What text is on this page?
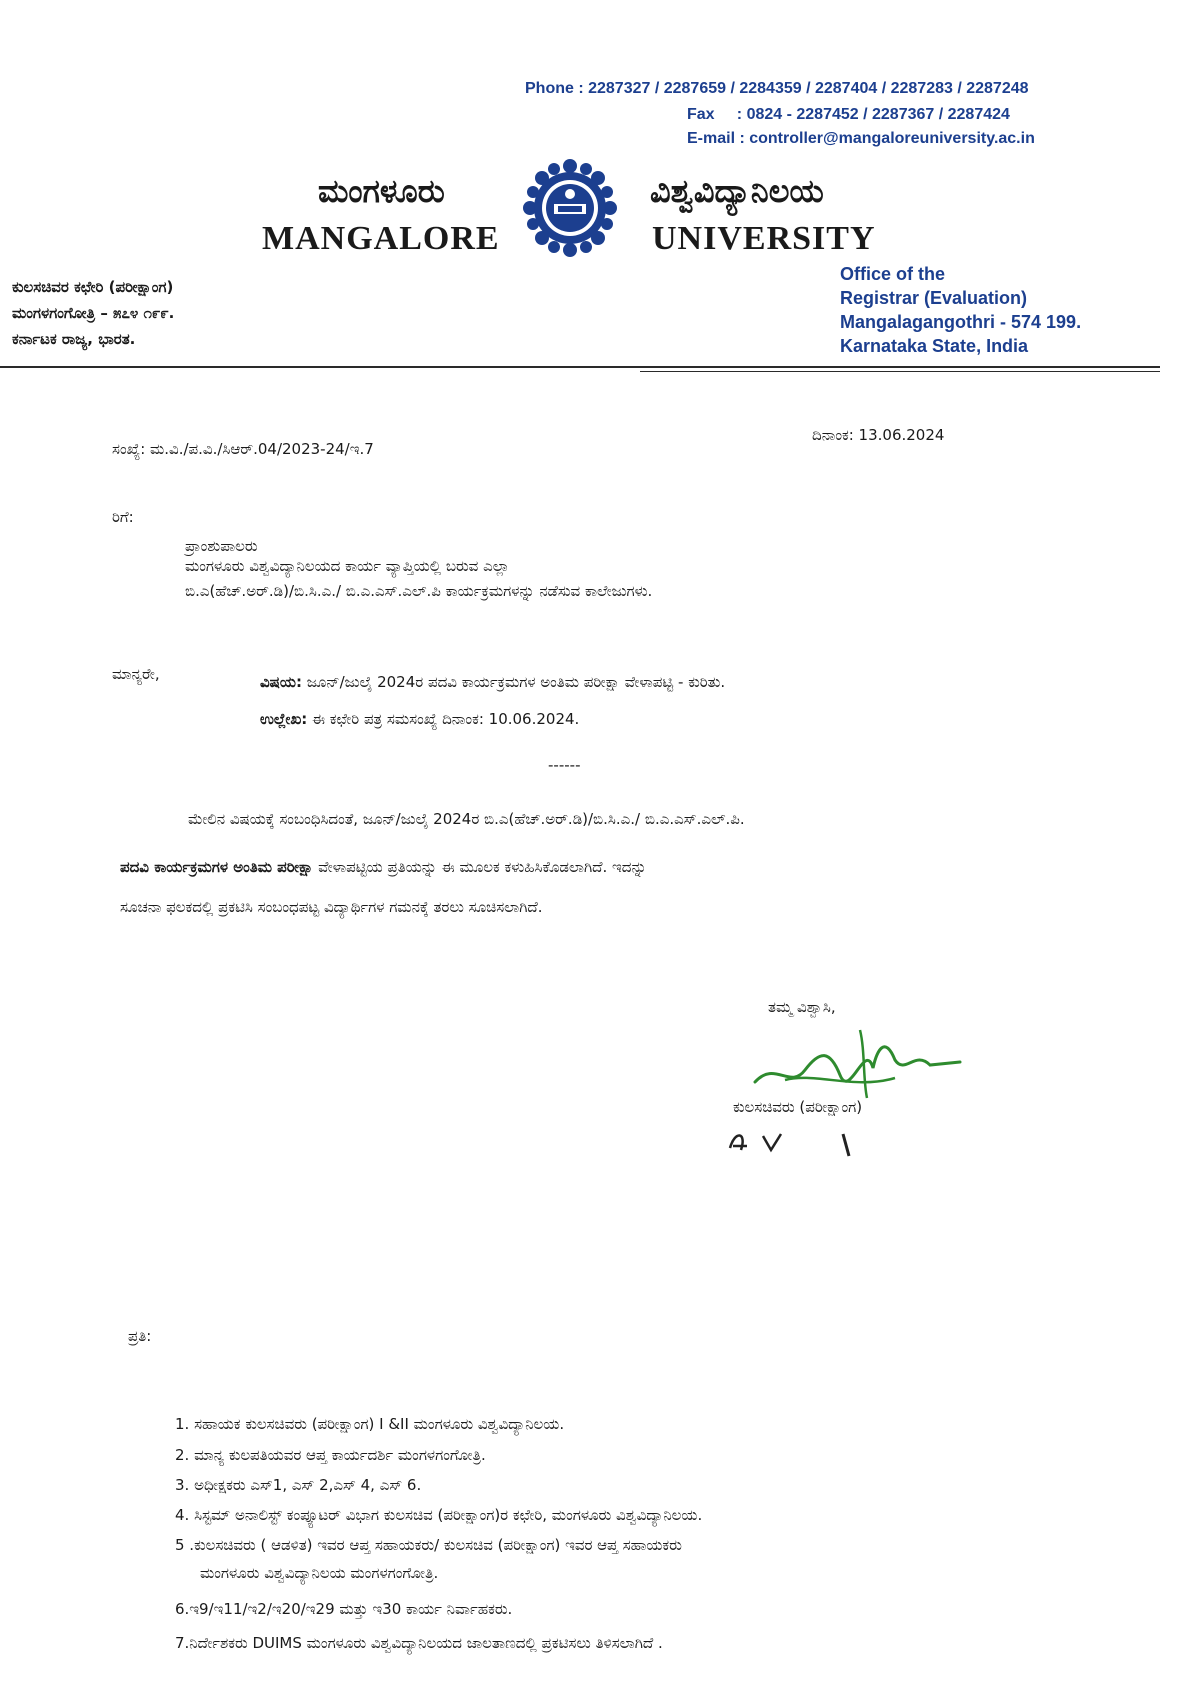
Phone : 2287327 / 2287659 / 2284359 / 2287404 / 2287283 / 2287248
Fax     : 0824 - 2287452 / 2287367 / 2287424
E-mail : controller@mangaloreuniversity.ac.in
ಮಂಗಳೂರು
MANGALORE
ವಿಶ್ವವಿದ್ಯಾನಿಲಯ
UNIVERSITY
ಕುಲಸಚಿವರ ಕಛೇರಿ (ಪರೀಕ್ಷಾಂಗ)
ಮಂಗಳಗಂಗೋತ್ರಿ – ೫೭೪ ೧೯೯.
ಕರ್ನಾಟಕ ರಾಜ್ಯ, ಭಾರತ.
Office of the
Registrar (Evaluation)
Mangalagangothri - 574 199.
Karnataka State, India
ಸಂಖ್ಯೆ: ಮ.ವಿ./ಪ.ವಿ./ಸಿಆರ್.04/2023-24/ಇ.7
ದಿನಾಂಕ: 13.06.2024
ರಿಗೆ:
ಪ್ರಾಂಶುಪಾಲರು
ಮಂಗಳೂರು ವಿಶ್ವವಿದ್ಯಾನಿಲಯದ ಕಾರ್ಯ ವ್ಯಾಪ್ತಿಯಲ್ಲಿ ಬರುವ ಎಲ್ಲಾ
ಬಿ.ಎ(ಹೆಚ್.ಅರ್.ಡಿ)/ಬಿ.ಸಿ.ಎ./ ಬಿ.ಎ.ಎಸ್.ಎಲ್.ಪಿ ಕಾರ್ಯಕ್ರಮಗಳನ್ನು ನಡೆಸುವ ಕಾಲೇಜುಗಳು.
ಮಾನ್ಯರೇ,	ವಿಷಯ: ಜೂನ್/ಜುಲೈ 2024ರ ಪದವಿ ಕಾರ್ಯಕ್ರಮಗಳ ಅಂತಿಮ ಪರೀಕ್ಷಾ ವೇಳಾಪಟ್ಟಿ - ಕುರಿತು.
ಉಲ್ಲೇಖ: ಈ ಕಛೇರಿ ಪತ್ರ ಸಮಸಂಖ್ಯೆ ದಿನಾಂಕ: 10.06.2024.
------
ಮೇಲಿನ ವಿಷಯಕ್ಕೆ ಸಂಬಂಧಿಸಿದಂತೆ, ಜೂನ್/ಜುಲೈ 2024ರ ಬಿ.ಎ(ಹೆಚ್.ಅರ್.ಡಿ)/ಬಿ.ಸಿ.ಎ./ ಬಿ.ಎ.ಎಸ್.ಎಲ್.ಪಿ.
ಪದವಿ ಕಾರ್ಯಕ್ರಮಗಳ ಅಂತಿಮ ಪರೀಕ್ಷಾ ವೇಳಾಪಟ್ಟಿಯ ಪ್ರತಿಯನ್ನು ಈ ಮೂಲಕ ಕಳುಹಿಸಿಕೊಡಲಾಗಿದೆ. ಇದನ್ನು
ಸೂಚನಾ ಫಲಕದಲ್ಲಿ ಪ್ರಕಟಿಸಿ ಸಂಬಂಧಪಟ್ಟ ವಿದ್ಯಾರ್ಥಿಗಳ ಗಮನಕ್ಕೆ ತರಲು ಸೂಚಿಸಲಾಗಿದೆ.
ತಮ್ಮ ವಿಶ್ವಾಸಿ,
ಕುಲಸಚಿವರು (ಪರೀಕ್ಷಾಂಗ)
ಪ್ರತಿ:
1. ಸಹಾಯಕ ಕುಲಸಚಿವರು (ಪರೀಕ್ಷಾಂಗ) I &II ಮಂಗಳೂರು ವಿಶ್ವವಿದ್ಯಾನಿಲಯ.
2. ಮಾನ್ಯ ಕುಲಪತಿಯವರ ಆಪ್ತ ಕಾರ್ಯದರ್ಶಿ ಮಂಗಳಗಂಗೋತ್ರಿ.
3. ಅಧೀಕ್ಷಕರು ಎಸ್1, ಎಸ್ 2,ಎಸ್ 4, ಎಸ್ 6.
4. ಸಿಸ್ಟಮ್ ಅನಾಲಿಸ್ಟ್ ಕಂಪ್ಯೂಟರ್ ವಿಭಾಗ ಕುಲಸಚಿವ (ಪರೀಕ್ಷಾಂಗ)ರ ಕಛೇರಿ, ಮಂಗಳೂರು ವಿಶ್ವವಿದ್ಯಾನಿಲಯ.
5 .ಕುಲಸಚಿವರು ( ಆಡಳಿತ) ಇವರ ಆಪ್ತ ಸಹಾಯಕರು/ ಕುಲಸಚಿವ (ಪರೀಕ್ಷಾಂಗ) ಇವರ ಆಪ್ತ ಸಹಾಯಕರು
ಮಂಗಳೂರು ವಿಶ್ವವಿದ್ಯಾನಿಲಯ ಮಂಗಳಗಂಗೋತ್ರಿ.
6.ಇ9/ಇ11/ಇ2/ಇ20/ಇ29 ಮತ್ತು ಇ30 ಕಾರ್ಯ ನಿರ್ವಾಹಕರು.
7.ನಿರ್ದೇಶಕರು DUIMS ಮಂಗಳೂರು ವಿಶ್ವವಿದ್ಯಾನಿಲಯದ ಜಾಲತಾಣದಲ್ಲಿ ಪ್ರಕಟಿಸಲು ತಿಳಿಸಲಾಗಿದೆ .
